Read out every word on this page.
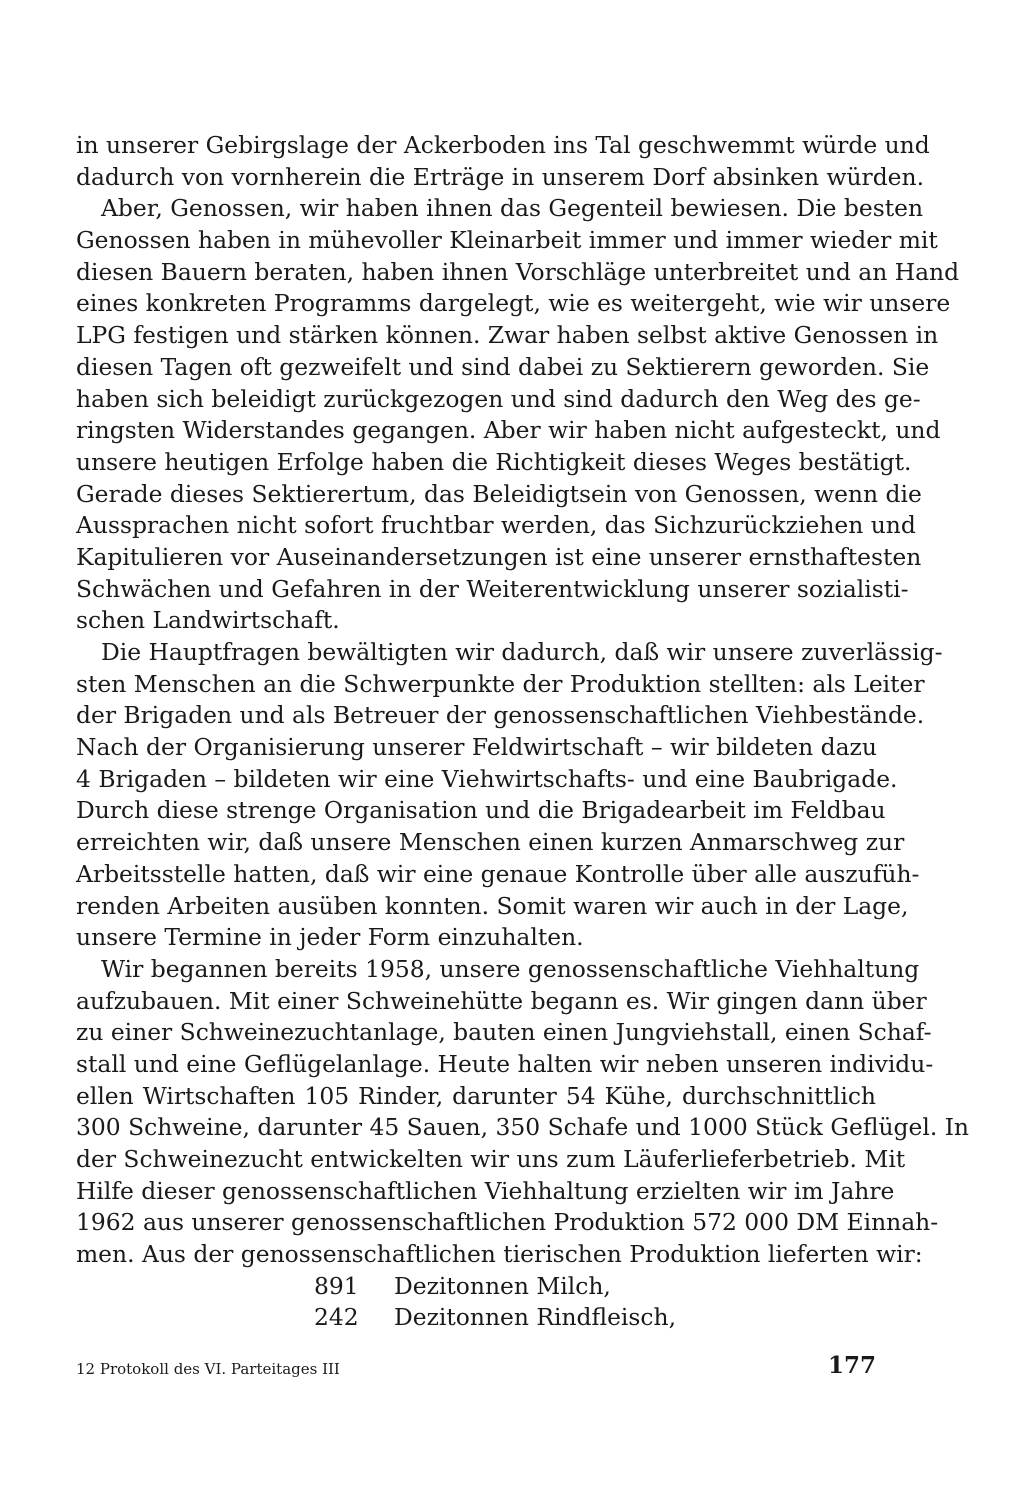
in unserer Gebirgslage der Ackerboden ins Tal geschwemmt würde und
dadurch von vornherein die Erträge in unserem Dorf absinken würden.
Aber, Genossen, wir haben ihnen das Gegenteil bewiesen. Die besten
Genossen haben in mühevoller Kleinarbeit immer und immer wieder mit
diesen Bauern beraten, haben ihnen Vorschläge unterbreitet und an Hand
eines konkreten Programms dargelegt, wie es weitergeht, wie wir unsere
LPG festigen und stärken können. Zwar haben selbst aktive Genossen in
diesen Tagen oft gezweifelt und sind dabei zu Sektierern geworden. Sie
haben sich beleidigt zurückgezogen und sind dadurch den Weg des ge-
ringsten Widerstandes gegangen. Aber wir haben nicht aufgesteckt, und
unsere heutigen Erfolge haben die Richtigkeit dieses Weges bestätigt.
Gerade dieses Sektierertum, das Beleidigtsein von Genossen, wenn die
Aussprachen nicht sofort fruchtbar werden, das Sichzurückziehen und
Kapitulieren vor Auseinandersetzungen ist eine unserer ernsthaftesten
Schwächen und Gefahren in der Weiterentwicklung unserer sozialisti-
schen Landwirtschaft.
Die Hauptfragen bewältigten wir dadurch, daß wir unsere zuverlässig-
sten Menschen an die Schwerpunkte der Produktion stellten: als Leiter
der Brigaden und als Betreuer der genossenschaftlichen Viehbestände.
Nach der Organisierung unserer Feldwirtschaft – wir bildeten dazu
4 Brigaden – bildeten wir eine Viehwirtschafts- und eine Baubrigade.
Durch diese strenge Organisation und die Brigadearbeit im Feldbau
erreichten wir, daß unsere Menschen einen kurzen Anmarschweg zur
Arbeitsstelle hatten, daß wir eine genaue Kontrolle über alle auszufüh-
renden Arbeiten ausüben konnten. Somit waren wir auch in der Lage,
unsere Termine in jeder Form einzuhalten.
Wir begannen bereits 1958, unsere genossenschaftliche Viehhaltung
aufzubauen. Mit einer Schweinehütte begann es. Wir gingen dann über
zu einer Schweinezuchtanlage, bauten einen Jungviehstall, einen Schaf-
stall und eine Geflügelanlage. Heute halten wir neben unseren individu-
ellen Wirtschaften 105 Rinder, darunter 54 Kühe, durchschnittlich
300 Schweine, darunter 45 Sauen, 350 Schafe und 1000 Stück Geflügel. In
der Schweinezucht entwickelten wir uns zum Läuferlieferbetrieb. Mit
Hilfe dieser genossenschaftlichen Viehhaltung erzielten wir im Jahre
1962 aus unserer genossenschaftlichen Produktion 572 000 DM Einnah-
men. Aus der genossenschaftlichen tierischen Produktion lieferten wir:
891 Dezitonnen Milch,
242 Dezitonnen Rindfleisch,
12 Protokoll des VI. Parteitages III	177
